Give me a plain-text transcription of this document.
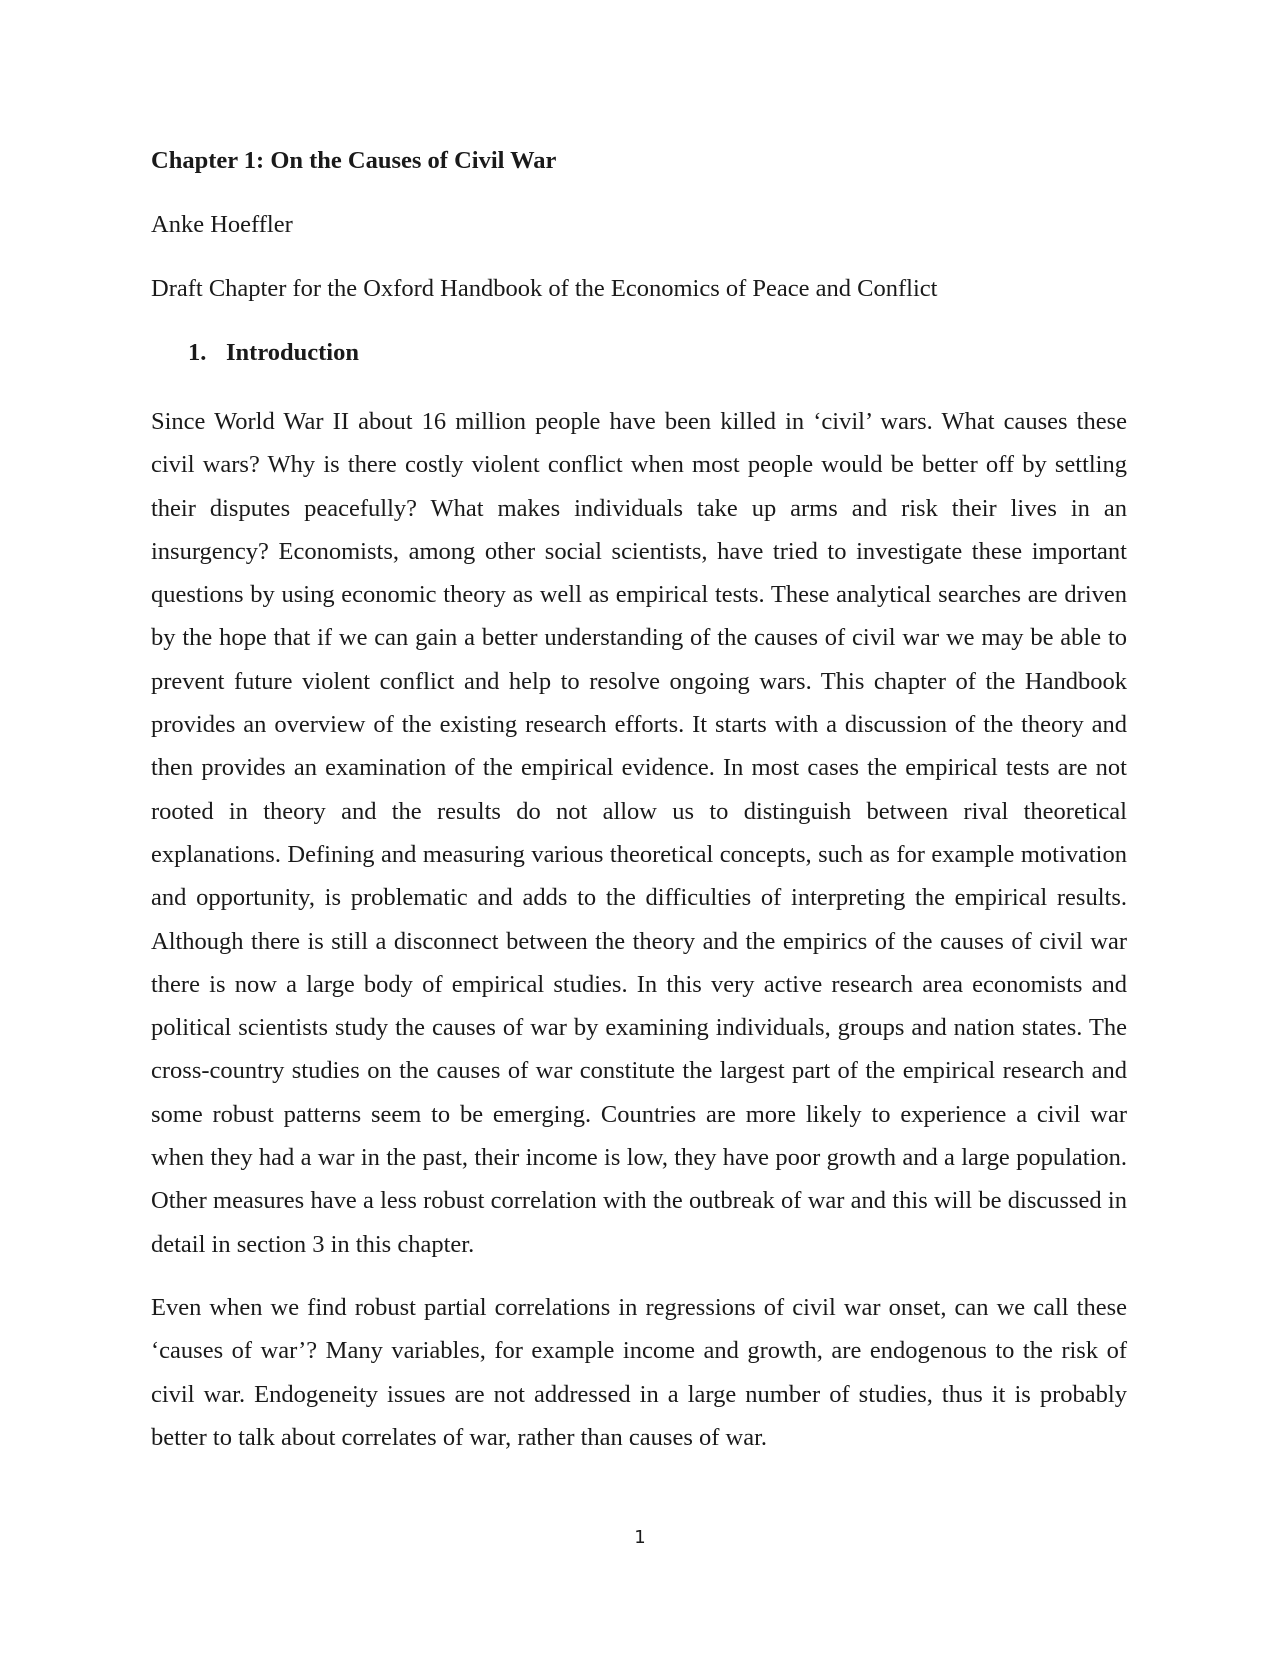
Chapter 1: On the Causes of Civil War
Anke Hoeffler
Draft Chapter for the Oxford Handbook of the Economics of Peace and Conflict
1. Introduction

Since World War II about 16 million people have been killed in ‘civil’ wars. What causes these civil wars? Why is there costly violent conflict when most people would be better off by settling their disputes peacefully? What makes individuals take up arms and risk their lives in an insurgency? Economists, among other social scientists, have tried to investigate these important questions by using economic theory as well as empirical tests. These analytical searches are driven by the hope that if we can gain a better understanding of the causes of civil war we may be able to prevent future violent conflict and help to resolve ongoing wars. This chapter of the Handbook provides an overview of the existing research efforts. It starts with a discussion of the theory and then provides an examination of the empirical evidence. In most cases the empirical tests are not rooted in theory and the results do not allow us to distinguish between rival theoretical explanations. Defining and measuring various theoretical concepts, such as for example motivation and opportunity, is problematic and adds to the difficulties of interpreting the empirical results. Although there is still a disconnect between the theory and the empirics of the causes of civil war there is now a large body of empirical studies. In this very active research area economists and political scientists study the causes of war by examining individuals, groups and nation states. The cross-country studies on the causes of war constitute the largest part of the empirical research and some robust patterns seem to be emerging. Countries are more likely to experience a civil war when they had a war in the past, their income is low, they have poor growth and a large population. Other measures have a less robust correlation with the outbreak of war and this will be discussed in detail in section 3 in this chapter.

Even when we find robust partial correlations in regressions of civil war onset, can we call these ‘causes of war’? Many variables, for example income and growth, are endogenous to the risk of civil war. Endogeneity issues are not addressed in a large number of studies, thus it is probably better to talk about correlates of war, rather than causes of war.

1
